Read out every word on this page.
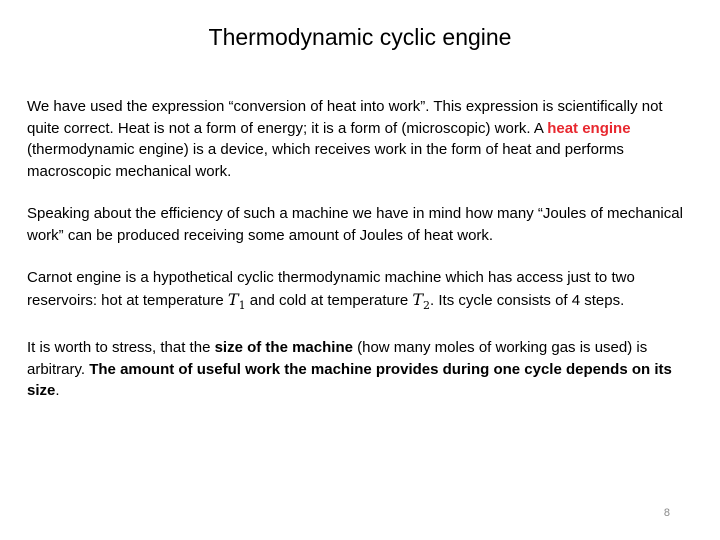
Thermodynamic cyclic engine

We have used the expression “conversion of heat into work”. This expression is scientifically not quite correct. Heat is not a form of energy; it is a form of (microscopic) work. A heat engine (thermodynamic engine) is a device, which receives work in the form of heat and performs macroscopic mechanical work.

Speaking about the efficiency of such a machine we have in mind how many “Joules of mechanical work” can be produced receiving some amount of Joules of heat work.

Carnot engine is a hypothetical cyclic thermodynamic machine which has access just to two reservoirs: hot at temperature $T_1$ and cold at temperature $T_2$. Its cycle consists of 4 steps.

It is worth to stress, that the size of the machine (how many moles of working gas is used) is arbitrary. The amount of useful work the machine provides during one cycle depends on its size.

8
